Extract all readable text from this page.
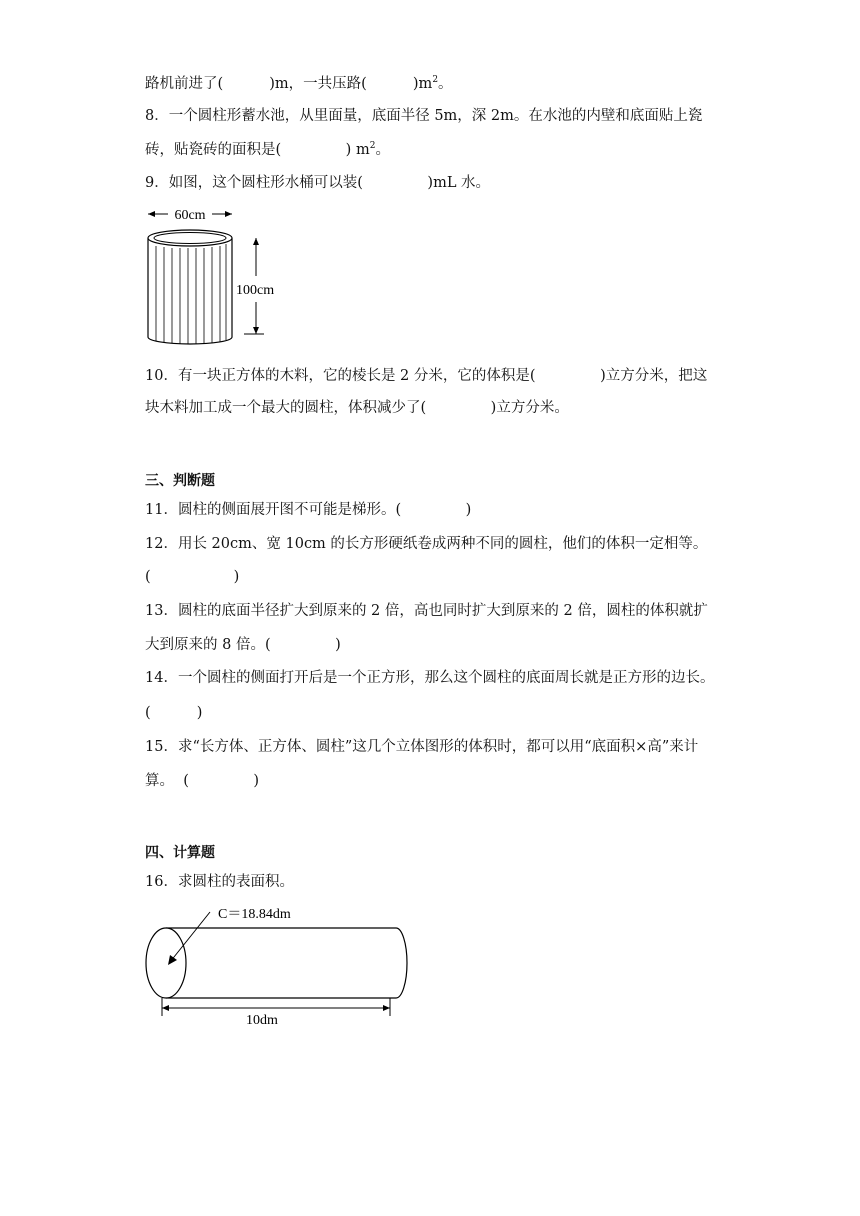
路机前进了(          )m，一共压路(          )$m^2$。
8．一个圆柱形蓄水池，从里面量，底面半径 5m，深 2m。在水池的内壁和底面贴上瓷
砖，贴瓷砖的面积是(              ) $m^2$。
9．如图，这个圆柱形水桶可以装(              )mL 水。
60cm
100cm
10．有一块正方体的木料，它的棱长是 2 分米，它的体积是(              )立方分米，把这
块木料加工成一个最大的圆柱，体积减少了(              )立方分米。
三、判断题
11．圆柱的侧面展开图不可能是梯形。(              )
12．用长 20cm、宽 10cm 的长方形硬纸卷成两种不同的圆柱，他们的体积一定相等。
(                  )
13．圆柱的底面半径扩大到原来的 2 倍，高也同时扩大到原来的 2 倍，圆柱的体积就扩
大到原来的 8 倍。(              )
14．一个圆柱的侧面打开后是一个正方形，那么这个圆柱的底面周长就是正方形的边长。
(          )
15．求“长方体、正方体、圆柱”这几个立体图形的体积时，都可以用“底面积×高”来计
算。  (              )
四、计算题
16．求圆柱的表面积。
C＝18.84dm
10dm
